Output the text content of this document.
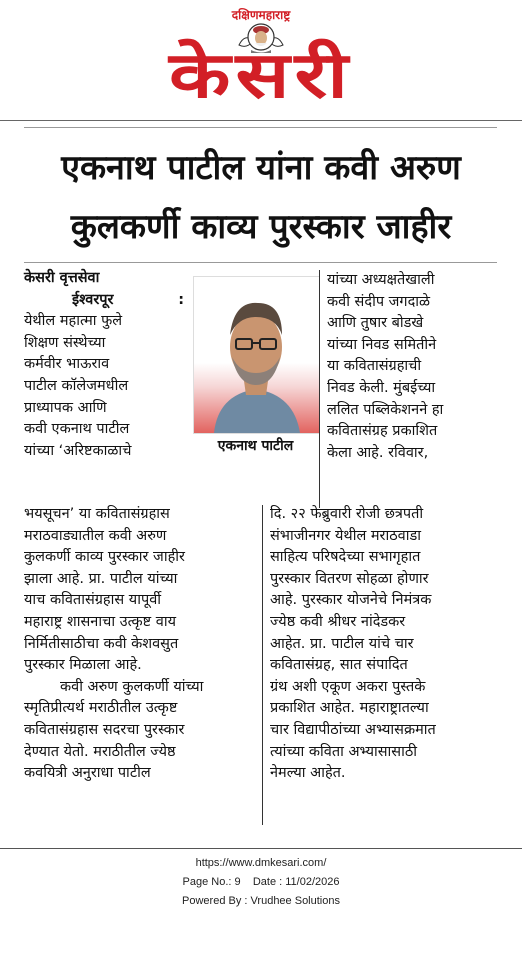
दक्षिणमहाराष्ट्र
केसरी
एकनाथ पाटील यांना कवी अरुण
कुलकर्णी काव्य पुरस्कार जाहीर

केसरी वृत्तसेवा

ईश्वरपूर	:

येथील महात्मा फुले

शिक्षण संस्थेच्या

कर्मवीर भाऊराव

पाटील कॉलेजमधील

प्राध्यापक आणि

कवी एकनाथ पाटील

यांच्या ‘अरिष्टकाळाचे	एकनाथ पाटील

यांच्या अध्यक्षतेखाली

कवी संदीप जगदाळे

आणि तुषार बोडखे

यांच्या निवड समितीने

या कवितासंग्रहाची

निवड केली. मुंबईच्या

ललित पब्लिकेशनने हा

कवितासंग्रह प्रकाशित

केला आहे. रविवार,

भयसूचन’ या कवितासंग्रहास

मराठवाड्यातील कवी अरुण

कुलकर्णी काव्य पुरस्कार जाहीर

झाला आहे. प्रा. पाटील यांच्या

याच कवितासंग्रहास यापूर्वी

महाराष्ट्र शासनाचा उत्कृष्ट वाय

निर्मितीसाठीचा कवी केशवसुत

पुरस्कार मिळाला आहे.

कवी अरुण कुलकर्णी यांच्या

स्मृतिप्रीत्यर्थ मराठीतील उत्कृष्ट

कवितासंग्रहास सदरचा पुरस्कार

देण्यात येतो. मराठीतील ज्येष्ठ

कवयित्री अनुराधा पाटील

दि. २२ फेब्रुवारी रोजी छत्रपती

संभाजीनगर येथील मराठवाडा

साहित्य परिषदेच्या सभागृहात

पुरस्कार वितरण सोहळा होणार

आहे. पुरस्कार योजनेचे निमंत्रक

ज्येष्ठ कवी श्रीधर नांदेडकर

आहेत. प्रा. पाटील यांचे चार

कवितासंग्रह, सात संपादित

ग्रंथ अशी एकूण अकरा पुस्तके

प्रकाशित आहेत. महाराष्ट्रातल्या

चार विद्यापीठांच्या अभ्यासक्रमात

त्यांच्या कविता अभ्यासासाठी

नेमल्या आहेत.

https://www.dmkesari.com/
Page No.: 9    Date : 11/02/2026
Powered By : Vrudhee Solutions
